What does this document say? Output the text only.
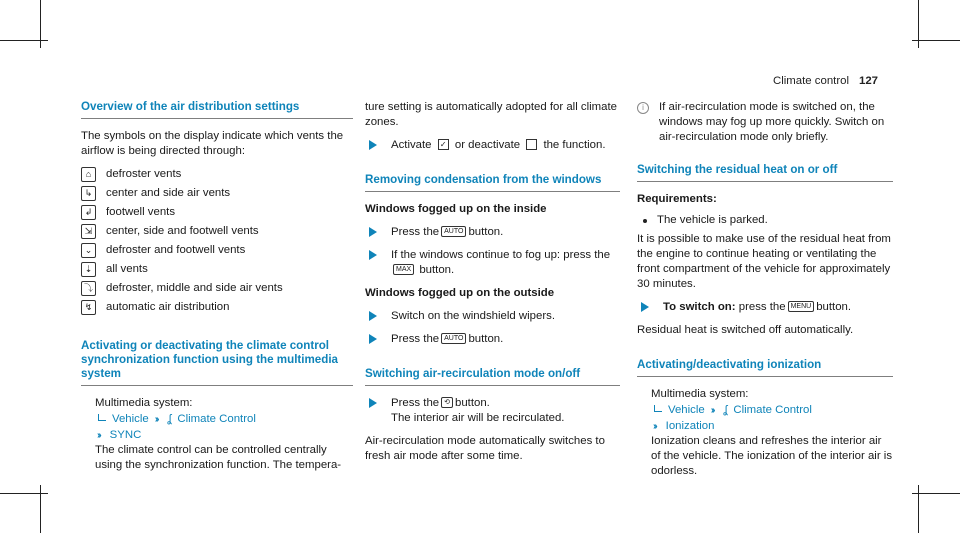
Climate control 127
Overview of the air distribution settings

The symbols on the display indicate which vents the airflow is being directed through:

⌂	defroster vents
↳	center and side air vents
↲	footwell vents
⇲	center, side and footwell vents
⌄	defroster and footwell vents
⇣	all vents
⤵ defroster, middle and side air vents
↯	automatic air distribution
Activating or deactivating the climate control synchronization function using the multimedia system
Multimedia system:
Vehicle ›› ʆ Climate Control
›› SYNC

The climate control can be controlled centrally using the synchronization function. The tempera-

ture setting is automatically adopted for all climate zones.

Activate ✓ or deactivate the function.
Removing condensation from the windows
Windows fogged up on the inside
Press the AUTO button.
If the windows continue to fog up: press the
MAX button.
Windows fogged up on the outside
Switch on the windshield wipers.
Press the AUTO button.
Switching air-recirculation mode on/off
Press the ⟲ button.
The interior air will be recirculated.

Air-recirculation mode automatically switches to fresh air mode after some time.

i	If air-recirculation mode is switched on, the windows may fog up more quickly. Switch on air-recirculation mode only briefly.
Switching the residual heat on or off
Requirements:
The vehicle is parked.

It is possible to make use of the residual heat from the engine to continue heating or ventilating the front compartment of the vehicle for approximately 30 minutes.

To switch on: press the MENU button.

Residual heat is switched off automatically.

Activating/deactivating ionization
Multimedia system:
Vehicle ›› ʆ Climate Control
›› Ionization

Ionization cleans and refreshes the interior air of the vehicle. The ionization of the interior air is odorless.
